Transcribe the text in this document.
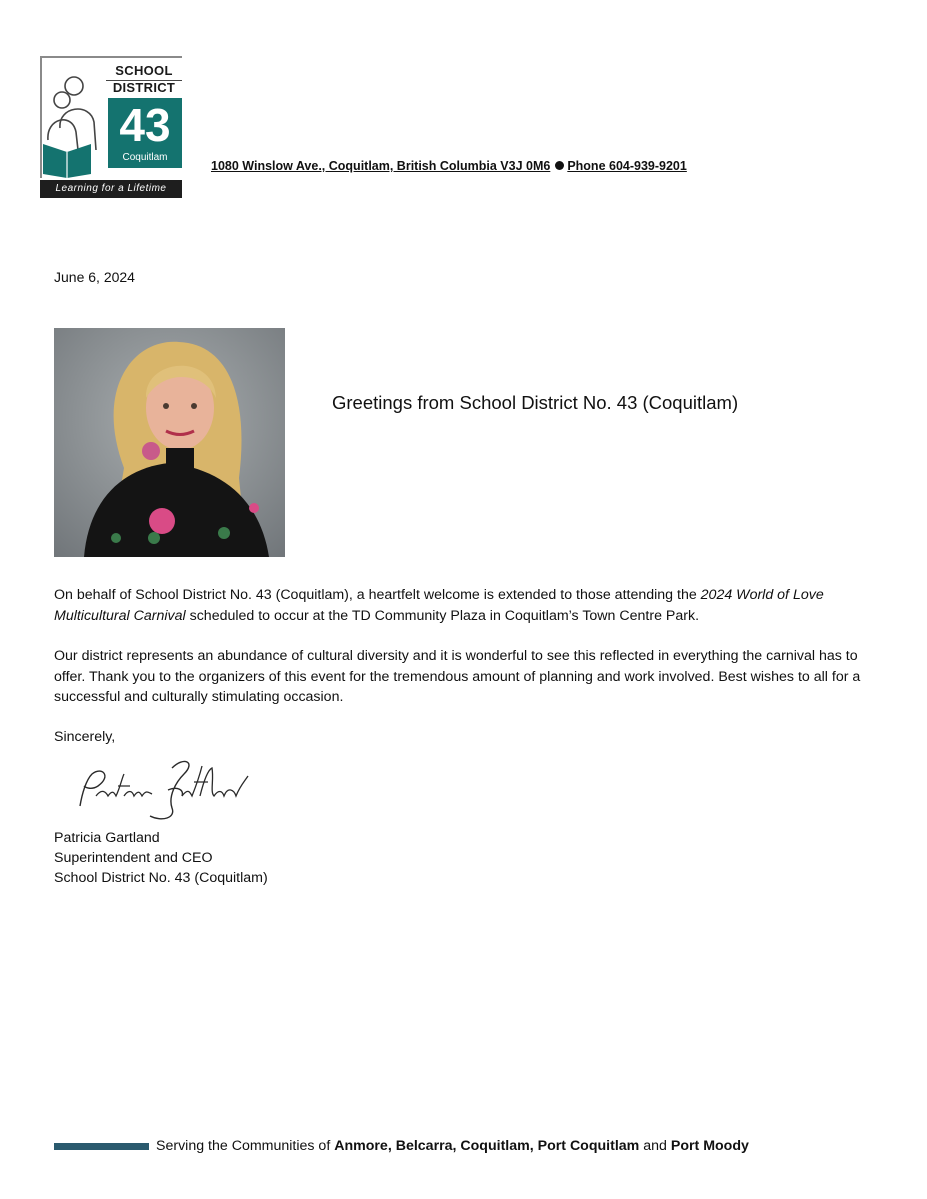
SCHOOL
DISTRICT
43
Coquitlam
Learning for a Lifetime
1080 Winslow Ave., Coquitlam, British Columbia V3J 0M6 Phone 604-939-9201
June 6, 2024
Greetings from School District No. 43 (Coquitlam)

On behalf of School District No. 43 (Coquitlam), a heartfelt welcome is extended to those attending the 2024 World of Love Multicultural Carnival scheduled to occur at the TD Community Plaza in Coquitlam’s Town Centre Park.

Our district represents an abundance of cultural diversity and it is wonderful to see this reflected in everything the carnival has to offer. Thank you to the organizers of this event for the tremendous amount of planning and work involved. Best wishes to all for a successful and culturally stimulating occasion.

Sincerely,
Patricia Gartland
Superintendent and CEO
School District No. 43 (Coquitlam)
Serving the Communities of Anmore, Belcarra, Coquitlam, Port Coquitlam and Port Moody
